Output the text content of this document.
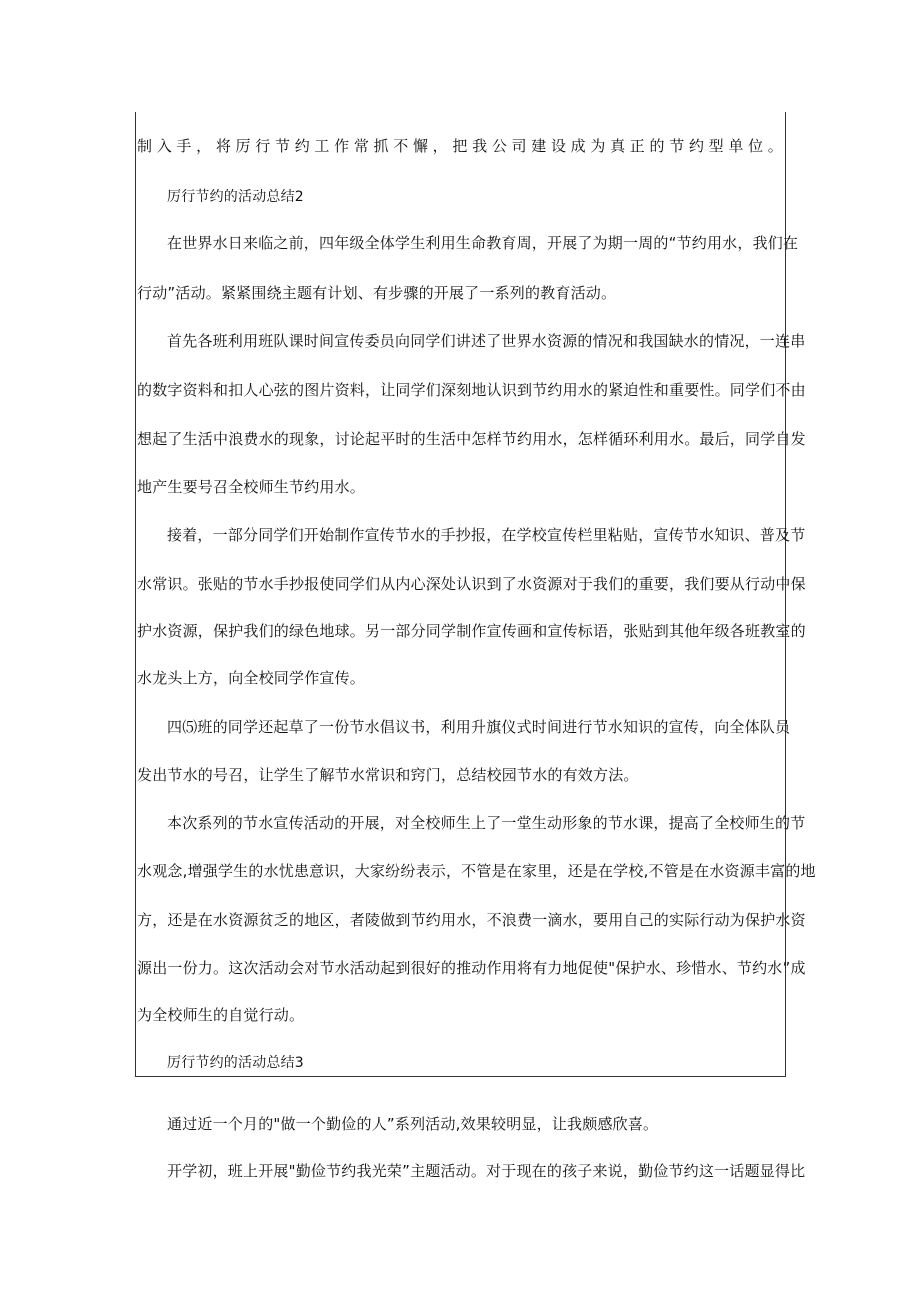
制入手，将厉行节约工作常抓不懈，把我公司建设成为真正的节约型单位。
厉行节约的活动总结2
在世界水日来临之前，四年级全体学生利用生命教育周，开展了为期一周的“节约用水，我们在
行动”活动。紧紧围绕主题有计划、有步骤的开展了一系列的教育活动。
首先各班利用班队课时间宣传委员向同学们讲述了世界水资源的情况和我国缺水的情况，一连串
的数字资料和扣人心弦的图片资料，让同学们深刻地认识到节约用水的紧迫性和重要性。同学们不由
想起了生活中浪费水的现象，讨论起平时的生活中怎样节约用水，怎样循环利用水。最后，同学自发
地产生要号召全校师生节约用水。
接着，一部分同学们开始制作宣传节水的手抄报，在学校宣传栏里粘贴，宣传节水知识、普及节
水常识。张贴的节水手抄报使同学们从内心深处认识到了水资源对于我们的重要，我们要从行动中保
护水资源，保护我们的绿色地球。另一部分同学制作宣传画和宣传标语，张贴到其他年级各班教室的
水龙头上方，向全校同学作宣传。
四⑸班的同学还起草了一份节水倡议书，利用升旗仪式时间进行节水知识的宣传，向全体队员
发出节水的号召，让学生了解节水常识和窍门，总结校园节水的有效方法。
本次系列的节水宣传活动的开展，对全校师生上了一堂生动形象的节水课，提高了全校师生的节
水观念,增强学生的水忧患意识，大家纷纷表示，不管是在家里，还是在学校,不管是在水资源丰富的地
方，还是在水资源贫乏的地区，者陵做到节约用水，不浪费一滴水，要用自己的实际行动为保护水资
源出一份力。这次活动会对节水活动起到很好的推动作用将有力地促使"保护水、珍惜水、节约水”成
为全校师生的自觉行动。
厉行节约的活动总结3
通过近一个月的"做一个勤俭的人”系列活动,效果较明显，让我颇感欣喜。
开学初，班上开展"勤俭节约我光荣”主题活动。对于现在的孩子来说，勤俭节约这一话题显得比
